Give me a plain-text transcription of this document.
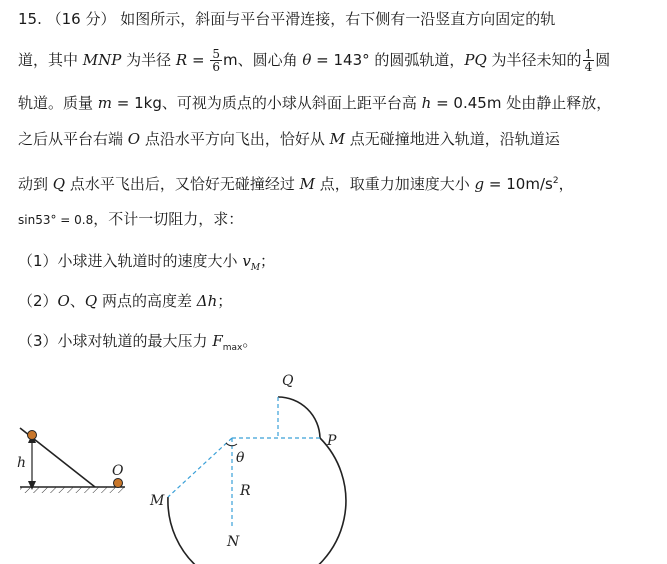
15. （16 分） 如图所示，斜面与平台平滑连接，右下侧有一沿竖直方向固定的轨
道，其中 MNP 为半径 $R = \frac{5}{6}$ m、圆心角 θ = 143° 的圆弧轨道，PQ 为半径未知的 $\frac{1}{4}$ 圆
轨道。质量 m = 1kg、可视为质点的小球从斜面上距平台高 h = 0.45m 处由静止释放，
之后从平台右端 O 点沿水平方向飞出，恰好从 M 点无碰撞地进入轨道，沿轨道运
动到 Q 点水平飞出后，又恰好无碰撞经过 M 点，取重力加速度大小 $g = 10m/s^2$，
sin53° = 0.8，不计一切阻力，求：
（1）小球进入轨道时的速度大小 $v_M$；
（2）O、Q 两点的高度差 Δh；
（3）小球对轨道的最大压力 $F_{max}$。
h	O
Q
P
θ
R
M
N
